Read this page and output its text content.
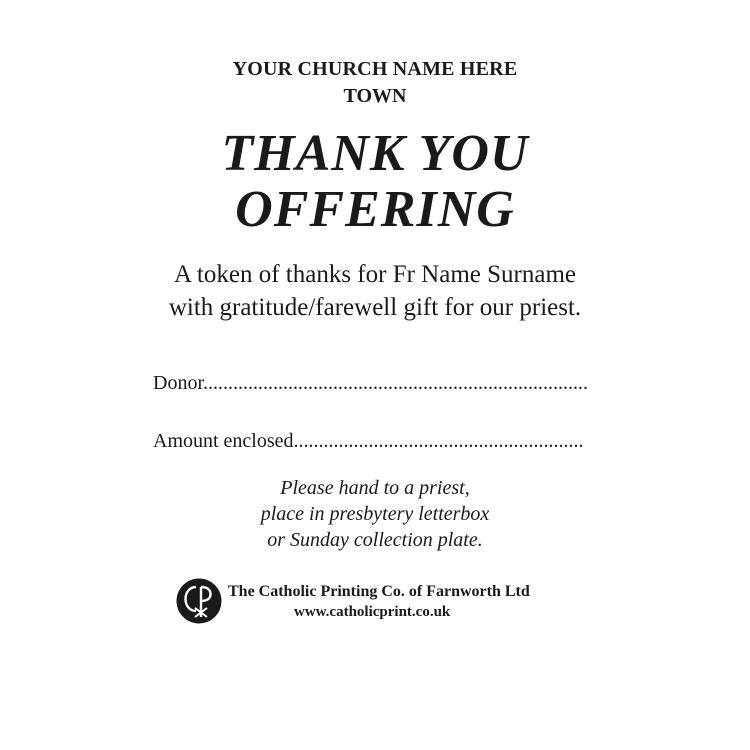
YOUR CHURCH NAME HERE
TOWN
THANK YOU
OFFERING
A token of thanks for Fr Name Surname
with gratitude/farewell gift for our priest.
Donor.............................................................................
Amount enclosed..........................................................
Please hand to a priest,
place in presbytery letterbox
or Sunday collection plate.
The Catholic Printing Co. of Farnworth Ltd
www.catholicprint.co.uk
